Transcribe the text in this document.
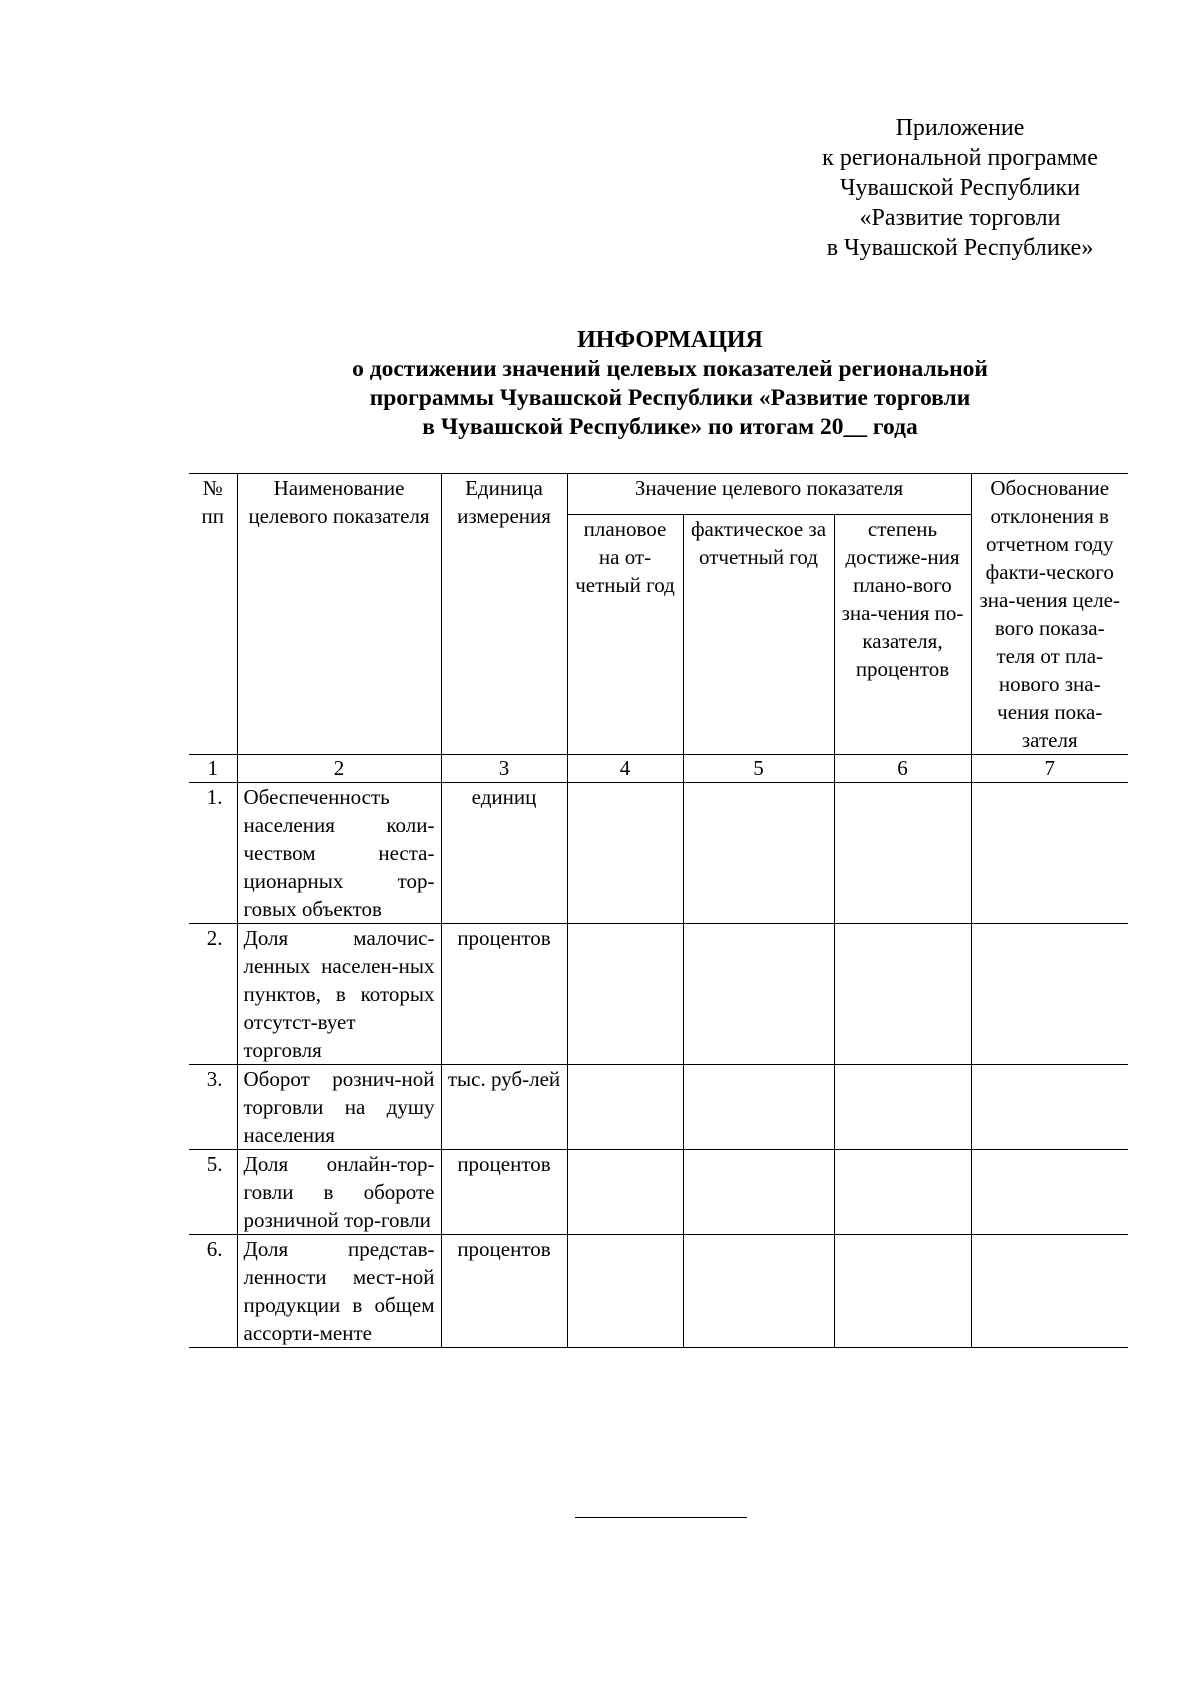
Приложение
к региональной программе
Чувашской Республики
«Развитие торговли
в Чувашской Республике»
ИНФОРМАЦИЯ
о достижении значений целевых показателей региональной
программы Чувашской Республики «Развитие торговли
в Чувашской Республике» по итогам 20__ года
№ пп	Наименование целевого показателя	Единица измерения	Значение целевого показателя			Обоснование отклонения в отчетном году факти-ческого зна-чения целе-вого показа-теля от пла-нового зна-чения пока-зателя
			плановое на от-четный год	фактическое за отчетный год	степень достиже-ния плано-вого зна-чения по-казателя, процентов	
1	2	3	4	5	6	7
1.	Обеспеченность населения коли-чеством неста-ционарных тор-говых объектов	единиц				
2.	Доля малочис-ленных населен-ных пунктов, в которых отсутст-вует торговля	процентов				
3.	Оборот рознич-ной торговли на душу населения	тыс. руб-лей				
5.	Доля онлайн-тор-говли в обороте розничной тор-говли	процентов				
6.	Доля представ-ленности мест-ной продукции в общем ассорти-менте	процентов				
